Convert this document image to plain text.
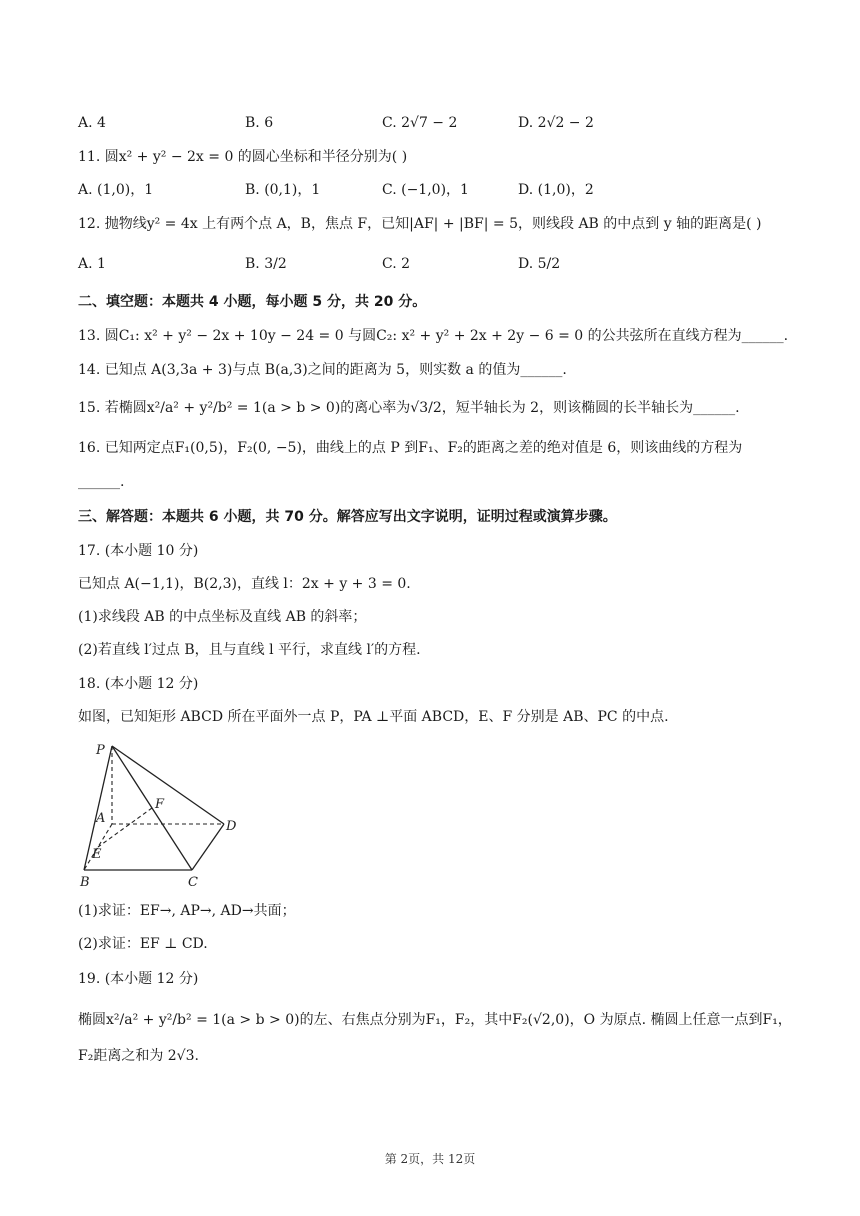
A. 4	B. 6	C. 2√7 − 2	D. 2√2 − 2
11. 圆x² + y² − 2x = 0 的圆心坐标和半径分别为( )
A. (1,0)，1	B. (0,1)，1	C. (−1,0)，1	D. (1,0)，2
12. 抛物线y² = 4x 上有两个点 A，B，焦点 F，已知|AF| + |BF| = 5，则线段 AB 的中点到 y 轴的距离是( )
A. 1	B. 3/2	C. 2	D. 5/2
二、填空题：本题共 4 小题，每小题 5 分，共 20 分。
13. 圆C₁: x² + y² − 2x + 10y − 24 = 0 与圆C₂: x² + y² + 2x + 2y − 6 = 0 的公共弦所在直线方程为______.
14. 已知点 A(3,3a + 3)与点 B(a,3)之间的距离为 5，则实数 a 的值为______.
15. 若椭圆x²/a² + y²/b² = 1(a > b > 0)的离心率为√3/2，短半轴长为 2，则该椭圆的长半轴长为______.
16. 已知两定点F₁(0,5)，F₂(0, −5)，曲线上的点 P 到F₁、F₂的距离之差的绝对值是 6，则该曲线的方程为
______.
三、解答题：本题共 6 小题，共 70 分。解答应写出文字说明，证明过程或演算步骤。
17. (本小题 10 分)
已知点 A(−1,1)，B(2,3)，直线 l：2x + y + 3 = 0.
(1)求线段 AB 的中点坐标及直线 AB 的斜率；
(2)若直线 l′过点 B，且与直线 l 平行，求直线 l′的方程.
18. (本小题 12 分)
如图，已知矩形 ABCD 所在平面外一点 P，PA ⊥平面 ABCD，E、F 分别是 AB、PC 的中点.
P
A
F
D
E
B	C
(1)求证：EF→, AP→, AD→共面；
(2)求证：EF ⊥ CD.
19. (本小题 12 分)
椭圆x²/a² + y²/b² = 1(a > b > 0)的左、右焦点分别为F₁，F₂，其中F₂(√2,0)，O 为原点. 椭圆上任意一点到F₁，
F₂距离之和为 2√3.
第 2页，共 12页
